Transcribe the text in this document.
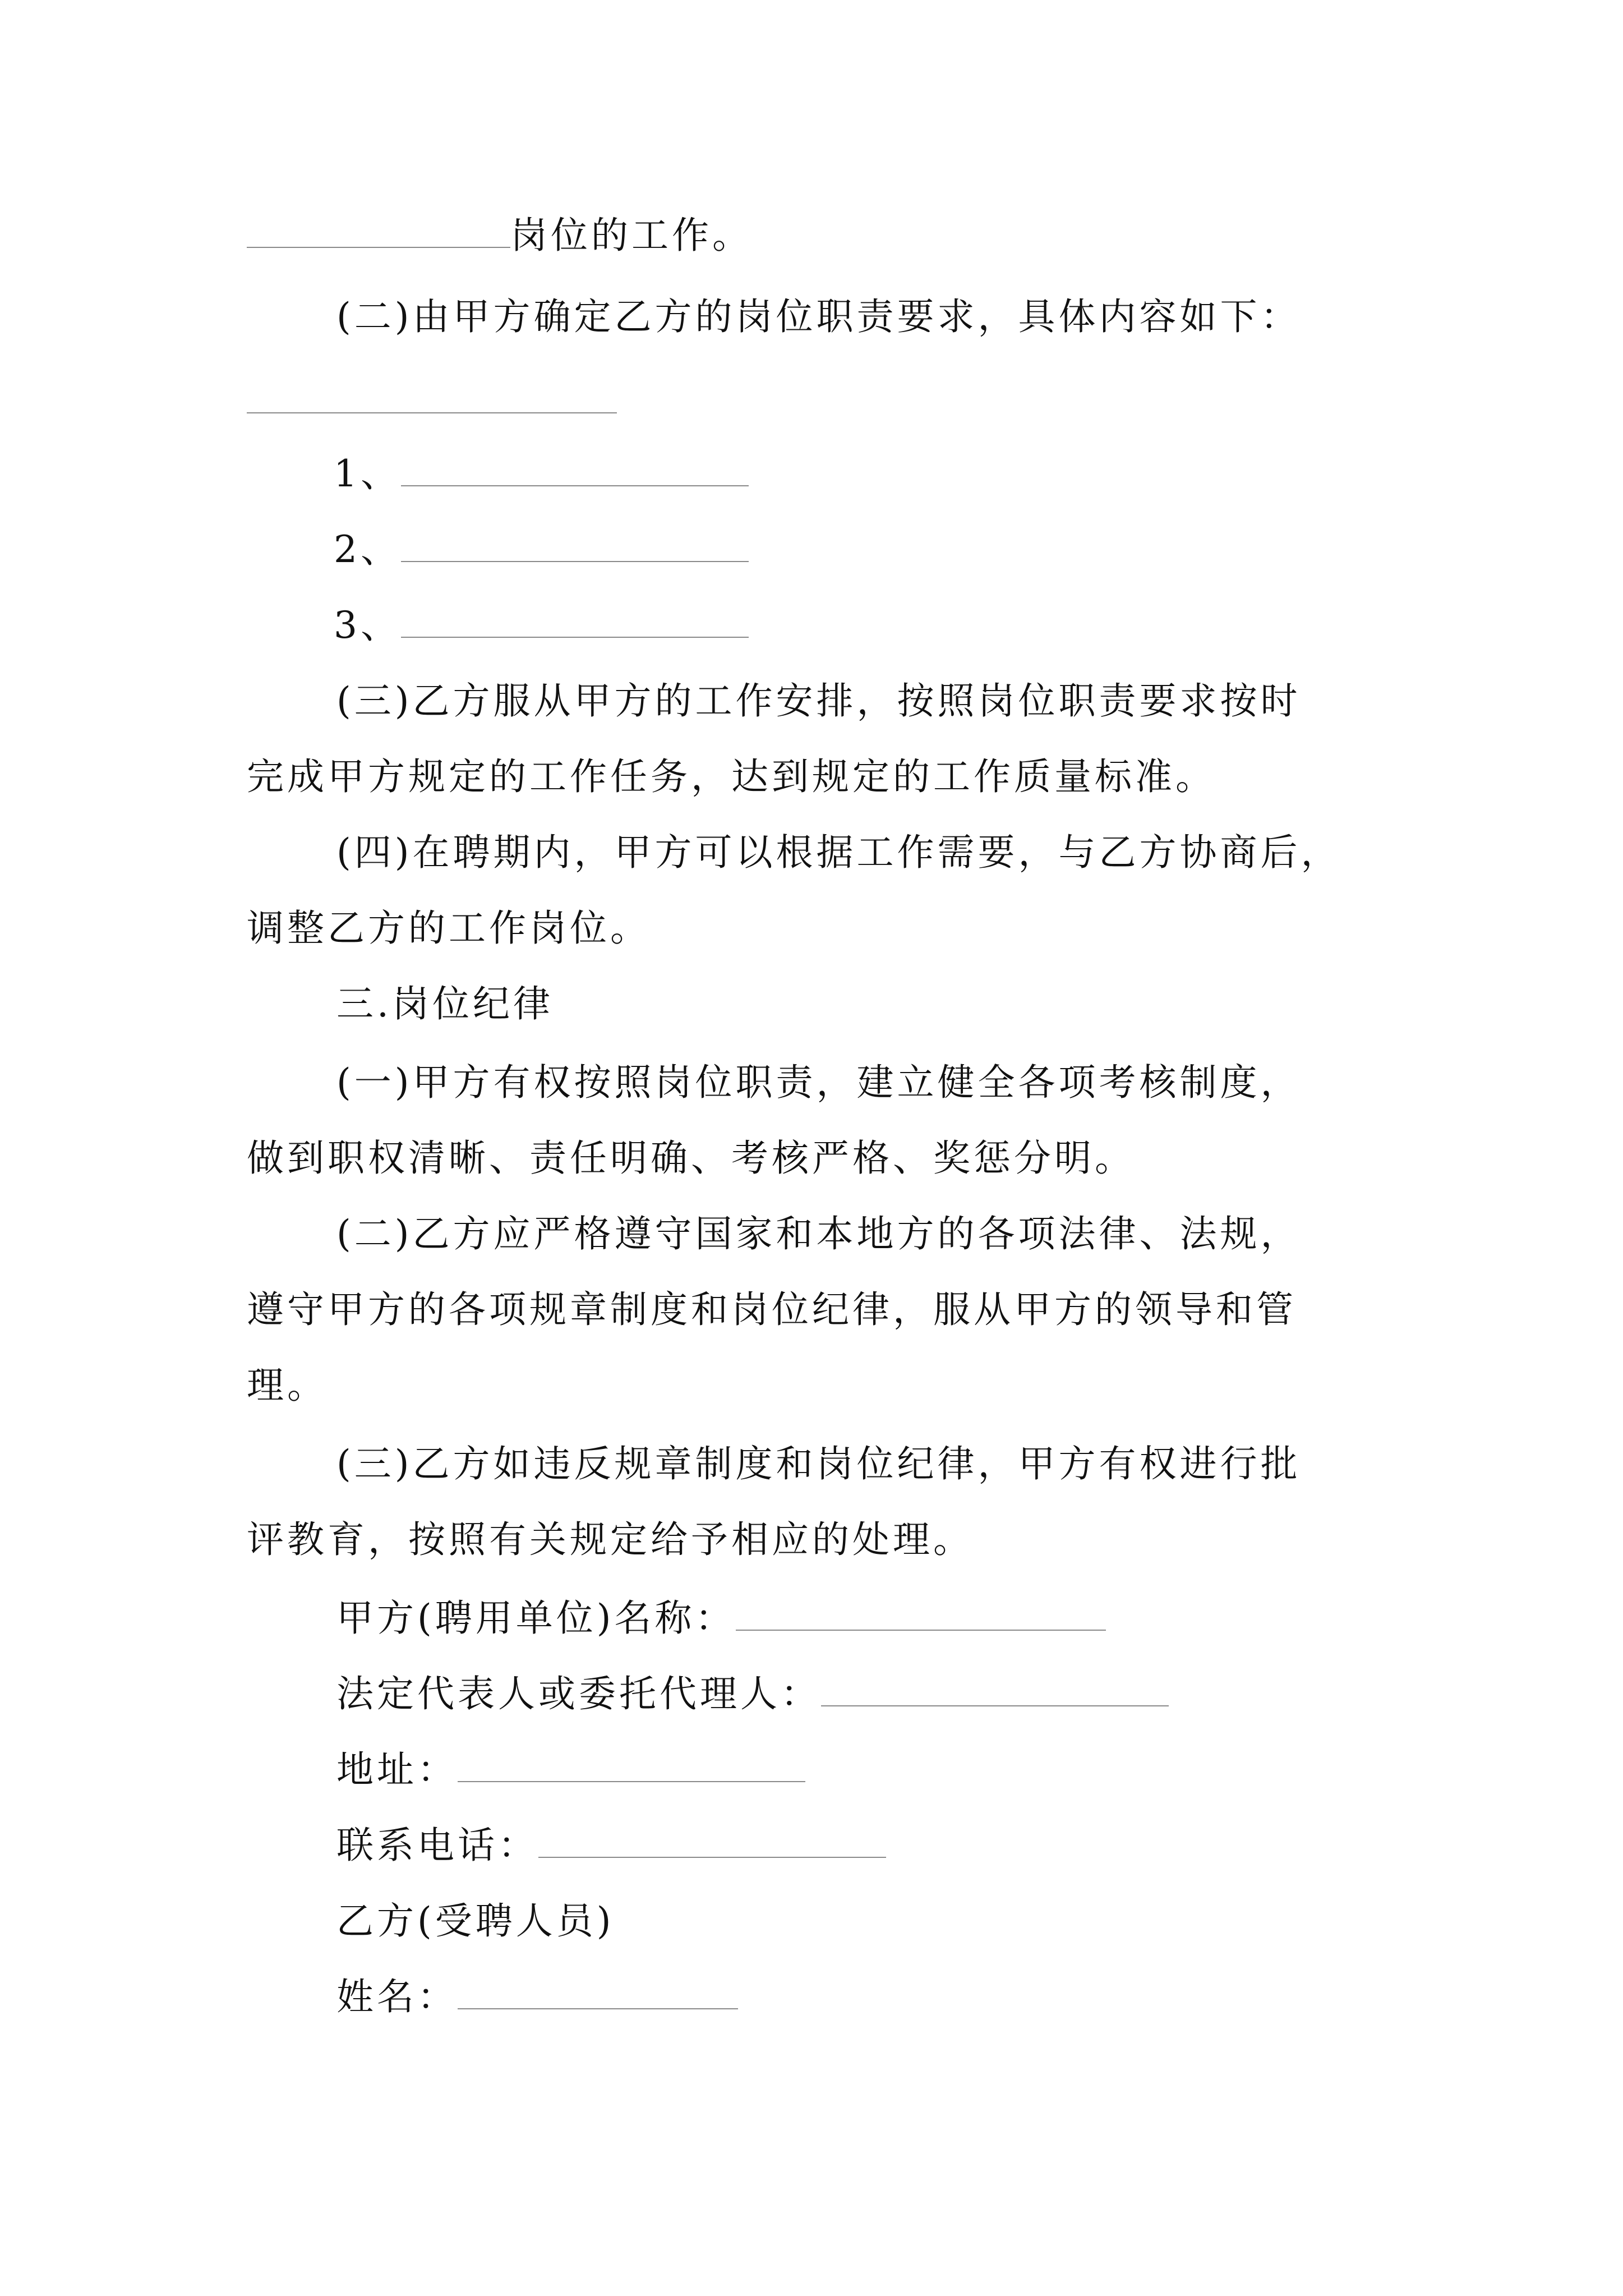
岗位的工作。
(二)由甲方确定乙方的岗位职责要求，具体内容如下：
1、
2、
3、
(三)乙方服从甲方的工作安排，按照岗位职责要求按时
完成甲方规定的工作任务，达到规定的工作质量标准。
(四)在聘期内，甲方可以根据工作需要，与乙方协商后，
调整乙方的工作岗位。
三.岗位纪律
(一)甲方有权按照岗位职责，建立健全各项考核制度，
做到职权清晰、责任明确、考核严格、奖惩分明。
(二)乙方应严格遵守国家和本地方的各项法律、法规，
遵守甲方的各项规章制度和岗位纪律，服从甲方的领导和管
理。
(三)乙方如违反规章制度和岗位纪律，甲方有权进行批
评教育，按照有关规定给予相应的处理。
甲方(聘用单位)名称：
法定代表人或委托代理人：
地址：
联系电话：
乙方(受聘人员)
姓名：
